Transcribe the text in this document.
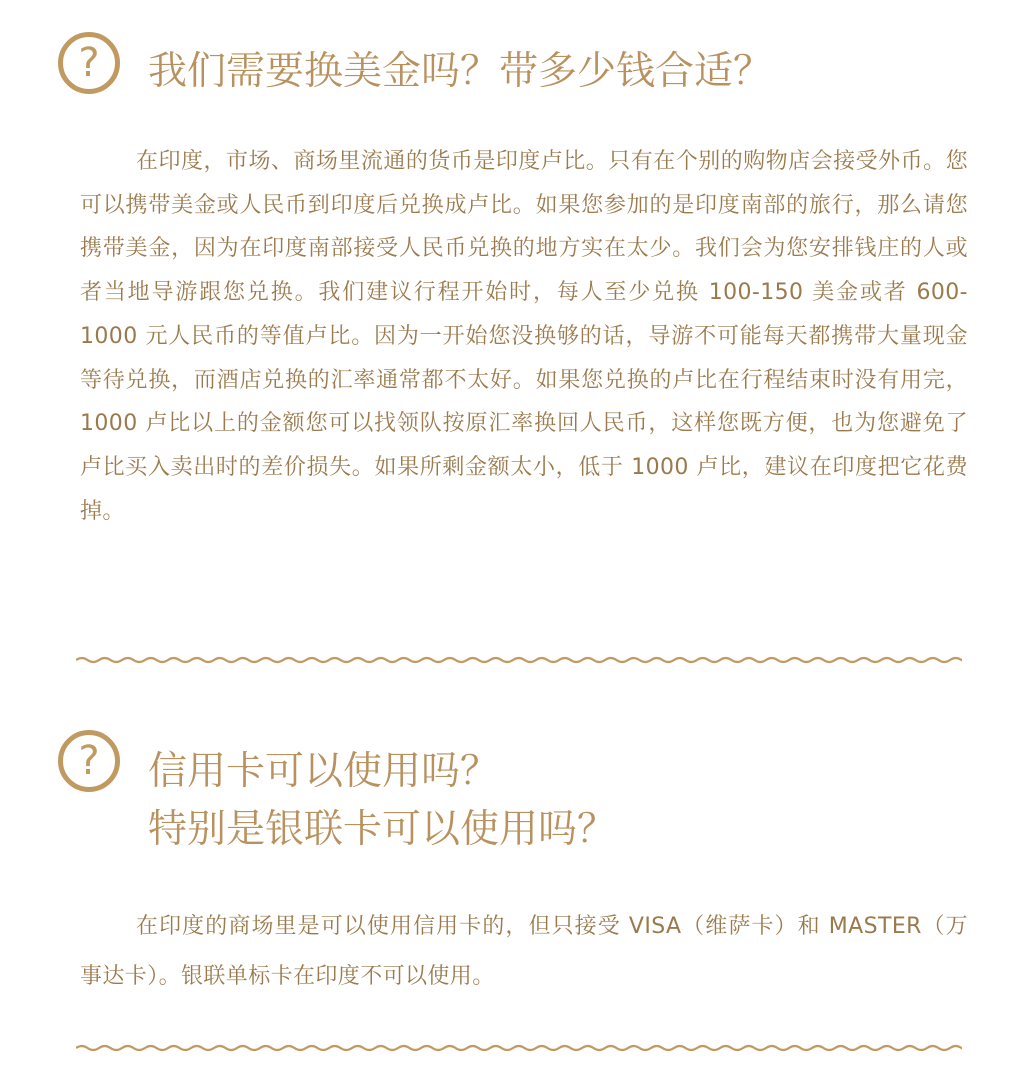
?	我们需要换美金吗？带多少钱合适？

在印度，市场、商场里流通的货币是印度卢比。只有在个别的购物店会接受外币。您可以携带美金或人民币到印度后兑换成卢比。如果您参加的是印度南部的旅行，那么请您携带美金，因为在印度南部接受人民币兑换的地方实在太少。我们会为您安排钱庄的人或者当地导游跟您兑换。我们建议行程开始时，每人至少兑换 100-150 美金或者 600-1000 元人民币的等值卢比。因为一开始您没换够的话，导游不可能每天都携带大量现金等待兑换，而酒店兑换的汇率通常都不太好。如果您兑换的卢比在行程结束时没有用完，1000 卢比以上的金额您可以找领队按原汇率换回人民币，这样您既方便，也为您避免了卢比买入卖出时的差价损失。如果所剩金额太小，低于 1000 卢比，建议在印度把它花费掉。

?	信用卡可以使用吗？
特别是银联卡可以使用吗？

在印度的商场里是可以使用信用卡的，但只接受 VISA（维萨卡）和 MASTER（万事达卡）。银联单标卡在印度不可以使用。
